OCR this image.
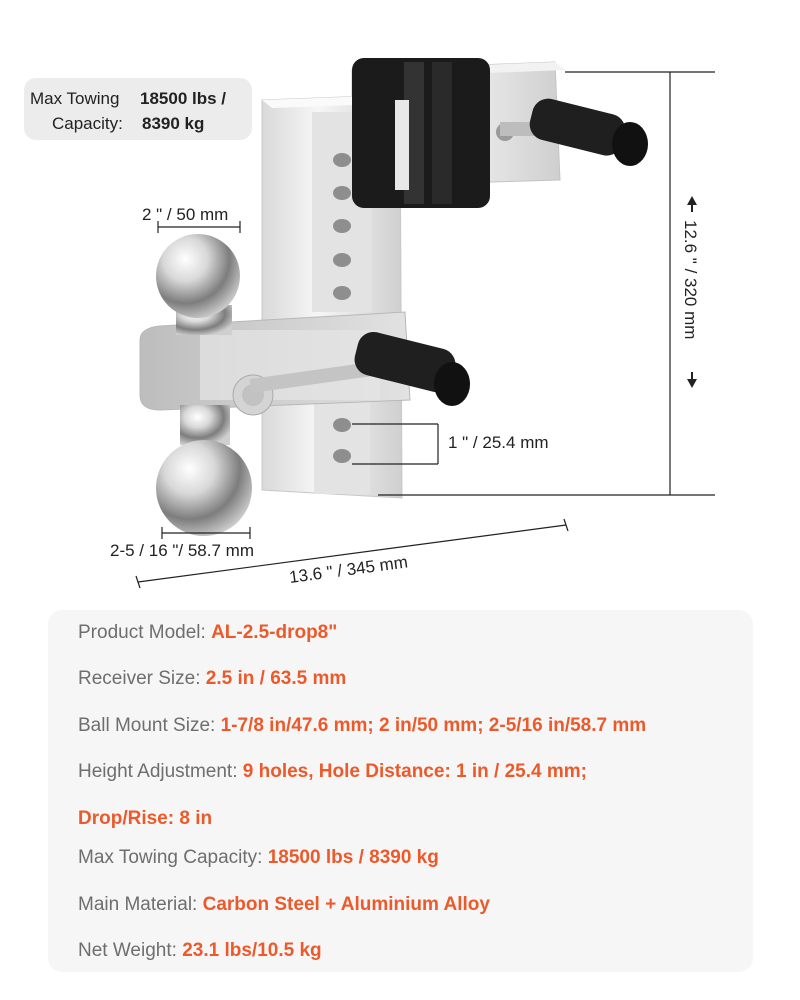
Max Towing
Capacity:
18500 lbs /
8390 kg
2 " / 50 mm
2-5 / 16 "/ 58.7 mm
13.6 " / 345 mm
12.6 " / 320 mm
1 " / 25.4 mm
Product Model: AL-2.5-drop8"
Receiver Size: 2.5 in / 63.5 mm
Ball Mount Size: 1-7/8 in/47.6 mm; 2 in/50 mm; 2-5/16 in/58.7 mm
Height Adjustment: 9 holes, Hole Distance: 1 in / 25.4 mm;
Drop/Rise: 8 in
Max Towing Capacity: 18500 lbs / 8390 kg
Main Material: Carbon Steel + Aluminium Alloy
Net Weight: 23.1 lbs/10.5 kg
